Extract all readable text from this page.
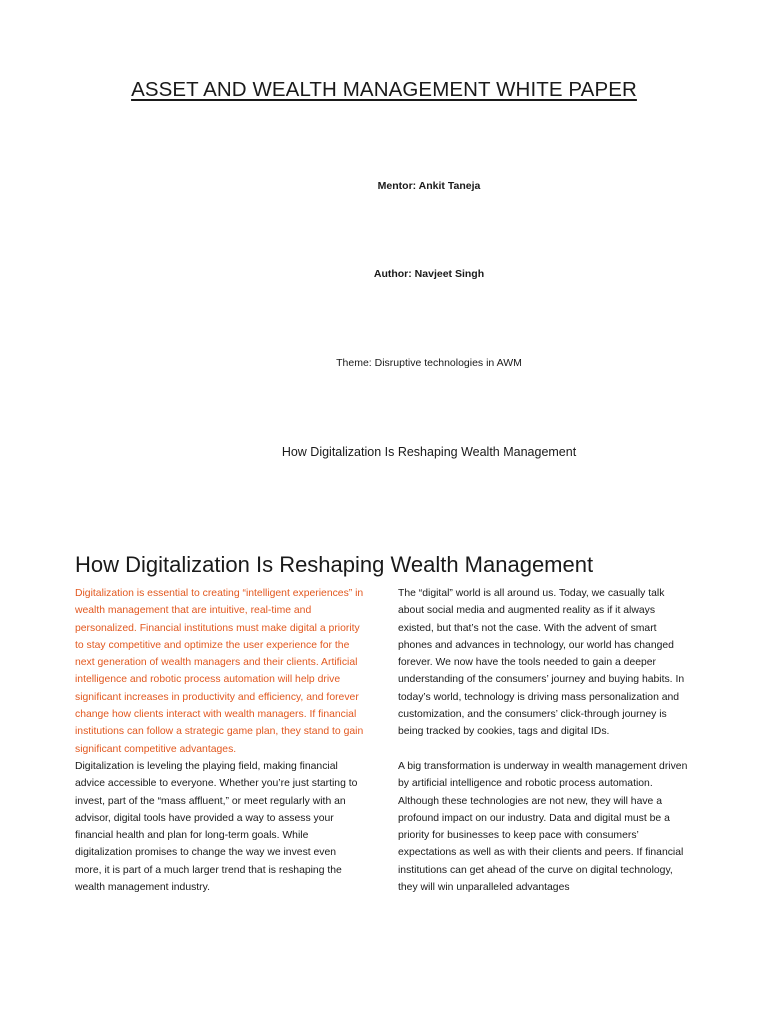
ASSET AND WEALTH MANAGEMENT WHITE PAPER
Mentor: Ankit Taneja
Author: Navjeet Singh
Theme: Disruptive technologies in AWM
How Digitalization Is Reshaping Wealth Management
How Digitalization Is Reshaping Wealth Management

Digitalization is essential to creating “intelligent experiences” in wealth management that are intuitive, real-time and personalized. Financial institutions must make digital a priority to stay competitive and optimize the user experience for the next generation of wealth managers and their clients. Artificial intelligence and robotic process automation will help drive significant increases in productivity and efficiency, and forever change how clients interact with wealth managers. If financial institutions can follow a strategic game plan, they stand to gain significant competitive advantages.

Digitalization is leveling the playing field, making financial advice accessible to everyone. Whether you’re just starting to invest, part of the “mass affluent,” or meet regularly with an advisor, digital tools have provided a way to assess your financial health and plan for long-term goals. While digitalization promises to change the way we invest even more, it is part of a much larger trend that is reshaping the wealth management industry.

The “digital” world is all around us. Today, we casually talk about social media and augmented reality as if it always existed, but that’s not the case. With the advent of smart phones and advances in technology, our world has changed forever. We now have the tools needed to gain a deeper understanding of the consumers’ journey and buying habits. In today’s world, technology is driving mass personalization and customization, and the consumers’ click-through journey is being tracked by cookies, tags and digital IDs.

A big transformation is underway in wealth management driven by artificial intelligence and robotic process automation. Although these technologies are not new, they will have a profound impact on our industry. Data and digital must be a priority for businesses to keep pace with consumers’ expectations as well as with their clients and peers. If financial institutions can get ahead of the curve on digital technology, they will win unparalleled advantages
